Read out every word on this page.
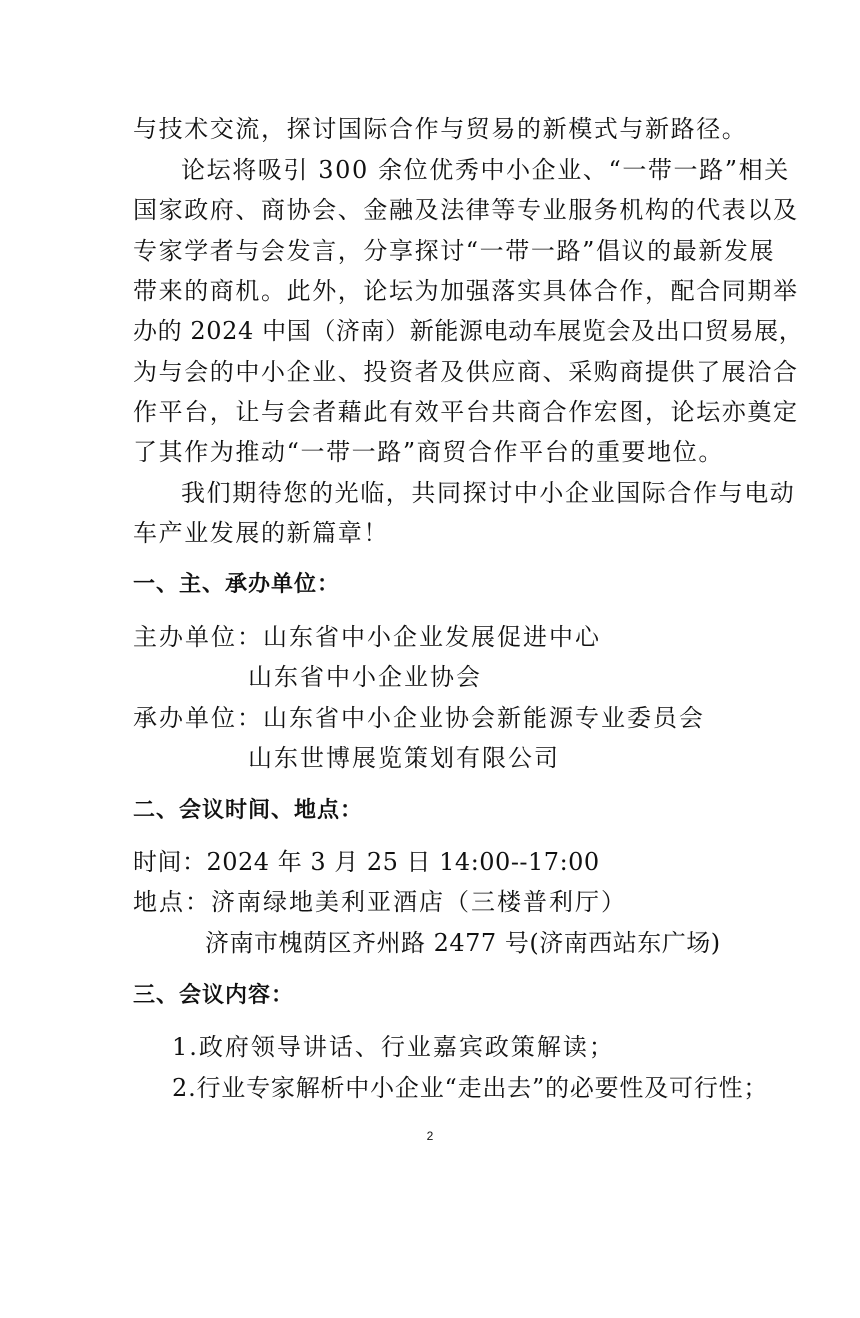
与技术交流，探讨国际合作与贸易的新模式与新路径。
论坛将吸引 300 余位优秀中小企业、“一带一路”相关
国家政府、商协会、金融及法律等专业服务机构的代表以及
专家学者与会发言，分享探讨“一带一路”倡议的最新发展
带来的商机。此外，论坛为加强落实具体合作，配合同期举
办的 2024 中国（济南）新能源电动车展览会及出口贸易展，
为与会的中小企业、投资者及供应商、采购商提供了展洽合
作平台，让与会者藉此有效平台共商合作宏图，论坛亦奠定
了其作为推动“一带一路”商贸合作平台的重要地位。
我们期待您的光临，共同探讨中小企业国际合作与电动
车产业发展的新篇章！
一、主、承办单位：
主办单位：山东省中小企业发展促进中心
山东省中小企业协会
承办单位：山东省中小企业协会新能源专业委员会
山东世博展览策划有限公司
二、会议时间、地点：
时间：2024 年 3 月 25 日 14:00--17:00
地点：济南绿地美利亚酒店（三楼普利厅）
济南市槐荫区齐州路 2477 号(济南西站东广场)
三、会议内容：
1.政府领导讲话、行业嘉宾政策解读；
2.行业专家解析中小企业“走出去”的必要性及可行性；
2
